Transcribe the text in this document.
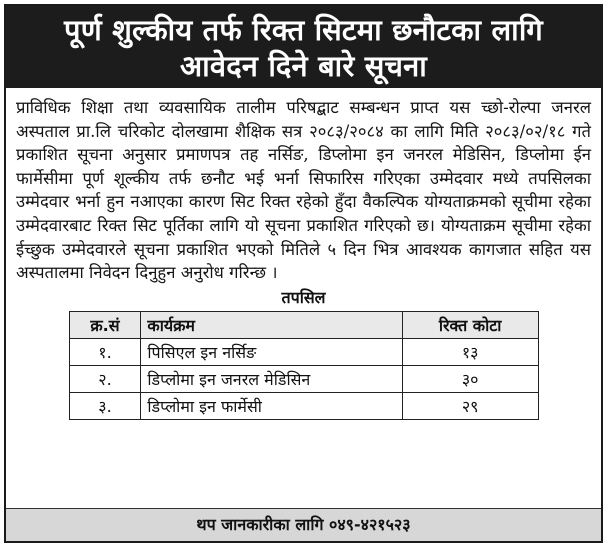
पूर्ण शुल्कीय तर्फ रिक्त सिटमा छनौटका लागि
आवेदन दिने बारे सूचना
प्राविधिक शिक्षा तथा व्यवसायिक तालीम परिषद्बाट सम्बन्धन प्राप्त यस च्छो-रोल्पा जनरल अस्पताल प्रा.लि चरिकोट दोलखामा शैक्षिक सत्र २०८३/२०८४ का लागि मिति २०८३/०२/१८ गते प्रकाशित सूचना अनुसार प्रमाणपत्र तह नर्सिङ, डिप्लोमा इन जनरल मेडिसिन, डिप्लोमा ईन फार्मेसीमा पूर्ण शूल्कीय तर्फ छनौट भई भर्ना सिफारिस गरिएका उम्मेदवार मध्ये तपसिलका उम्मेदवार भर्ना हुन नआएका कारण सिट रिक्त रहेको हुँदा वैकल्पिक योग्यताक्रमको सूचीमा रहेका उम्मेदवारबाट रिक्त सिट पूर्तिका लागि यो सूचना प्रकाशित गरिएको छ। योग्यताक्रम सूचीमा रहेका ईच्छुक उम्मेदवारले सूचना प्रकाशित भएको मितिले ५ दिन भित्र आवश्यक कागजात सहित यस अस्पतालमा निवेदन दिनुहुन अनुरोध गरिन्छ ।
तपसिल
क्र.सं	कार्यक्रम	रिक्त कोटा
१.	पिसिएल इन नर्सिङ	१३
२.	डिप्लोमा इन जनरल मेडिसिन	३०
३.	डिप्लोमा इन फार्मेसी	२९
थप जानकारीका लागि ०४९-४२१५२३
